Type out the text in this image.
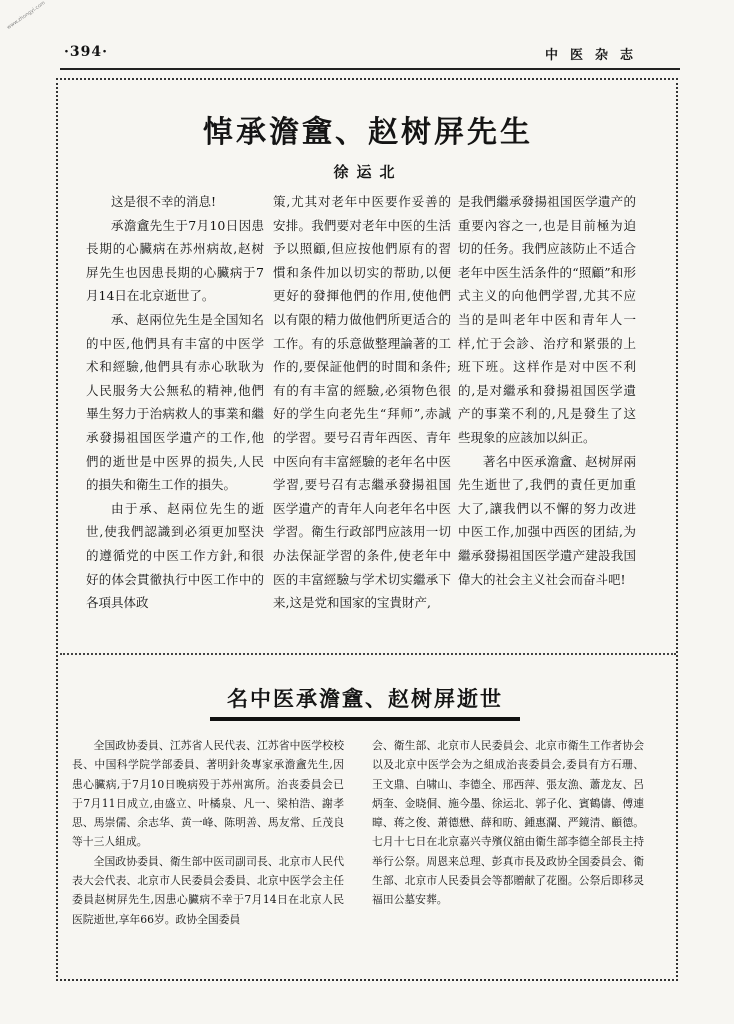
www.zhongyi.com
·394·	中医杂志
悼承澹盦、赵树屏先生
徐运北

这是很不幸的消息!

承澹盦先生于7月10日因患長期的心臟病在苏州病故,赵树屏先生也因患長期的心臟病于7月14日在北京逝世了。

承、赵兩位先生是全国知名的中医,他們具有丰富的中医学术和經驗,他們具有赤心耿耿为人民服务大公無私的精神,他們畢生努力于治病救人的事業和繼承發揚祖国医学遺产的工作,他們的逝世是中医界的损失,人民的損失和衛生工作的損失。

由于承、赵兩位先生的逝世,使我們認識到必須更加堅決的遵循党的中医工作方針,和很好的体会貫徹执行中医工作中的各項具体政

策,尤其对老年中医要作妥善的安排。我們要对老年中医的生活予以照顧,但应按他們原有的習慣和条件加以切实的帮助,以便更好的發揮他們的作用,使他們以有限的精力做他們所更适合的工作。有的乐意做整理論著的工作的,要保証他們的时間和条件;有的有丰富的經驗,必須物色很好的学生向老先生“拜师”,赤誠的学習。要号召青年西医、青年中医向有丰富經驗的老年名中医学習,要号召有志繼承發揚祖国医学遺产的青年人向老年名中医学習。衛生行政部門应該用一切办法保証学習的条件,使老年中医的丰富經驗与学术切实繼承下来,这是党和国家的宝貴財产,

是我們繼承發揚祖国医学遺产的重要內容之一,也是目前極为迫切的任务。我們应該防止不适合老年中医生活条件的“照顧”和形式主义的向他們学習,尤其不应当的是叫老年中医和青年人一样,忙于会診、治疗和紧張的上班下班。这样作是对中医不利的,是对繼承和發揚祖国医学遺产的事業不利的,凡是發生了这些現象的应該加以糾正。

著名中医承澹盦、赵树屏兩先生逝世了,我們的責任更加重大了,讓我們以不懈的努力改进中医工作,加强中西医的团結,为繼承發揚祖国医学遺产建設我国偉大的社会主义社会而奋斗吧!

名中医承澹盦、赵树屏逝世

全国政协委員、江苏省人民代表、江苏省中医学校校長、中国科学院学部委員、著明針灸專家承澹盦先生,因患心臟病,于7月10日晚病殁于苏州寓所。治丧委員会已于7月11日成立,由盛立、叶橘泉、凡一、梁柏浩、謝孝思、馬崇儒、余志华、黄一峰、陈明善、馬友常、丘茂良等十三人組成。

全国政协委員、衛生部中医司副司長、北京市人民代表大会代表、北京市人民委員会委員、北京中医学会主任委員赵树屏先生,因患心臟病不幸于7月14日在北京人民医院逝世,享年66岁。政协全国委員

会、衛生部、北京市人民委員会、北京市衛生工作者协会以及北京中医学会为之組成治丧委員会,委員有方石珊、王文鼎、白啸山、李德全、邢西萍、張友漁、蕭龙友、呂炳奎、金晓侗、施今墨、徐运北、郭子化、賓鶴儔、傅連暲、蒋之俊、萧德懋、薛和昉、鍾惠瀾、严鏡清、顧德。七月十七日在北京嘉兴寺殯仪舘由衛生部李德全部長主持举行公祭。周恩来总理、彭真市長及政协全国委員会、衛生部、北京市人民委員会等都贈献了花圈。公祭后即移灵福田公墓安葬。
